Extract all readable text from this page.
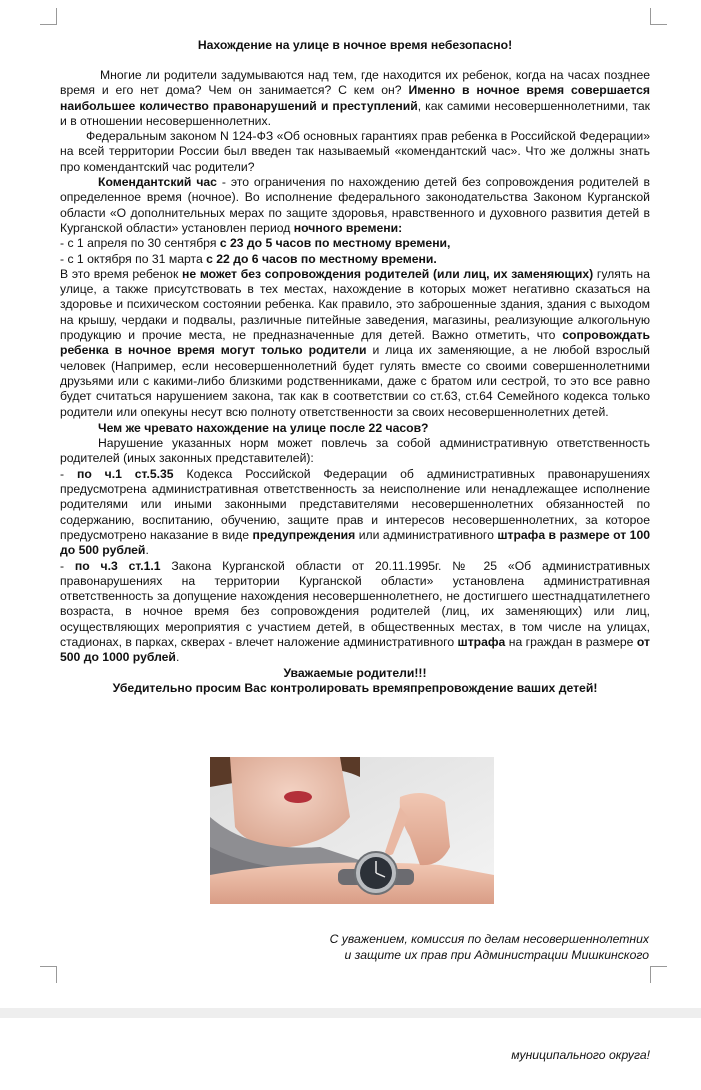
Нахождение на улице в ночное время небезопасно!

Многие ли родители задумываются над тем, где находится их ребенок, когда на часах позднее время и его нет дома? Чем он занимается? С кем он? Именно в ночное время совершается наибольшее количество правонарушений и преступлений, как самими несовершеннолетними, так и в отношении несовершеннолетних.

Федеральным законом N 124-ФЗ «Об основных гарантиях прав ребенка в Российской Федерации» на всей территории России был введен так называемый «комендантский час». Что же должны знать про комендантский час родители?

Комендантский час - это ограничения по нахождению детей без сопровождения родителей в определенное время (ночное). Во исполнение федерального законодательства Законом Курганской области «О дополнительных мерах по защите здоровья, нравственного и духовного развития детей в Курганской области» установлен период ночного времени:

- с 1 апреля по 30 сентября с 23 до 5 часов по местному времени,

- с 1 октября по 31 марта с 22 до 6 часов по местному времени.

В это время ребенок не может без сопровождения родителей (или лиц, их заменяющих) гулять на улице, а также присутствовать в тех местах, нахождение в которых может негативно сказаться на здоровье и психическом состоянии ребенка. Как правило, это заброшенные здания, здания с выходом на крышу, чердаки и подвалы, различные питейные заведения, магазины, реализующие алкогольную продукцию и прочие места, не предназначенные для детей. Важно отметить, что сопровождать ребенка в ночное время могут только родители и лица их заменяющие, а не любой взрослый человек (Например, если несовершеннолетний будет гулять вместе со своими совершеннолетними друзьями или с какими-либо близкими родственниками, даже с братом или сестрой, то это все равно будет считаться нарушением закона, так как в соответствии со ст.63, ст.64 Семейного кодекса только родители или опекуны несут всю полноту ответственности за своих несовершеннолетних детей.

Чем же чревато нахождение на улице после 22 часов?

Нарушение указанных норм может повлечь за собой административную ответственность родителей (иных законных представителей):

- по ч.1 ст.5.35 Кодекса Российской Федерации об административных правонарушениях предусмотрена административная ответственность за неисполнение или ненадлежащее исполнение родителями или иными законными представителями несовершеннолетних обязанностей по содержанию, воспитанию, обучению, защите прав и интересов несовершеннолетних, за которое предусмотрено наказание в виде предупреждения или административного штрафа в размере от 100 до 500 рублей.

- по ч.3 ст.1.1 Закона Курганской области от 20.11.1995г. № 25 «Об административных правонарушениях на территории Курганской области» установлена административная ответственность за допущение нахождения несовершеннолетнего, не достигшего шестнадцатилетнего возраста, в ночное время без сопровождения родителей (лиц, их заменяющих) или лиц, осуществляющих мероприятия с участием детей, в общественных местах, в том числе на улицах, стадионах, в парках, скверах - влечет наложение административного штрафа на граждан в размере от 500 до 1000 рублей.

Уважаемые родители!!!

Убедительно просим Вас контролировать времяпрепровождение ваших детей!

С уважением, комиссия по делам несовершеннолетних
и защите их прав при Администрации Мишкинского
муниципального округа!
